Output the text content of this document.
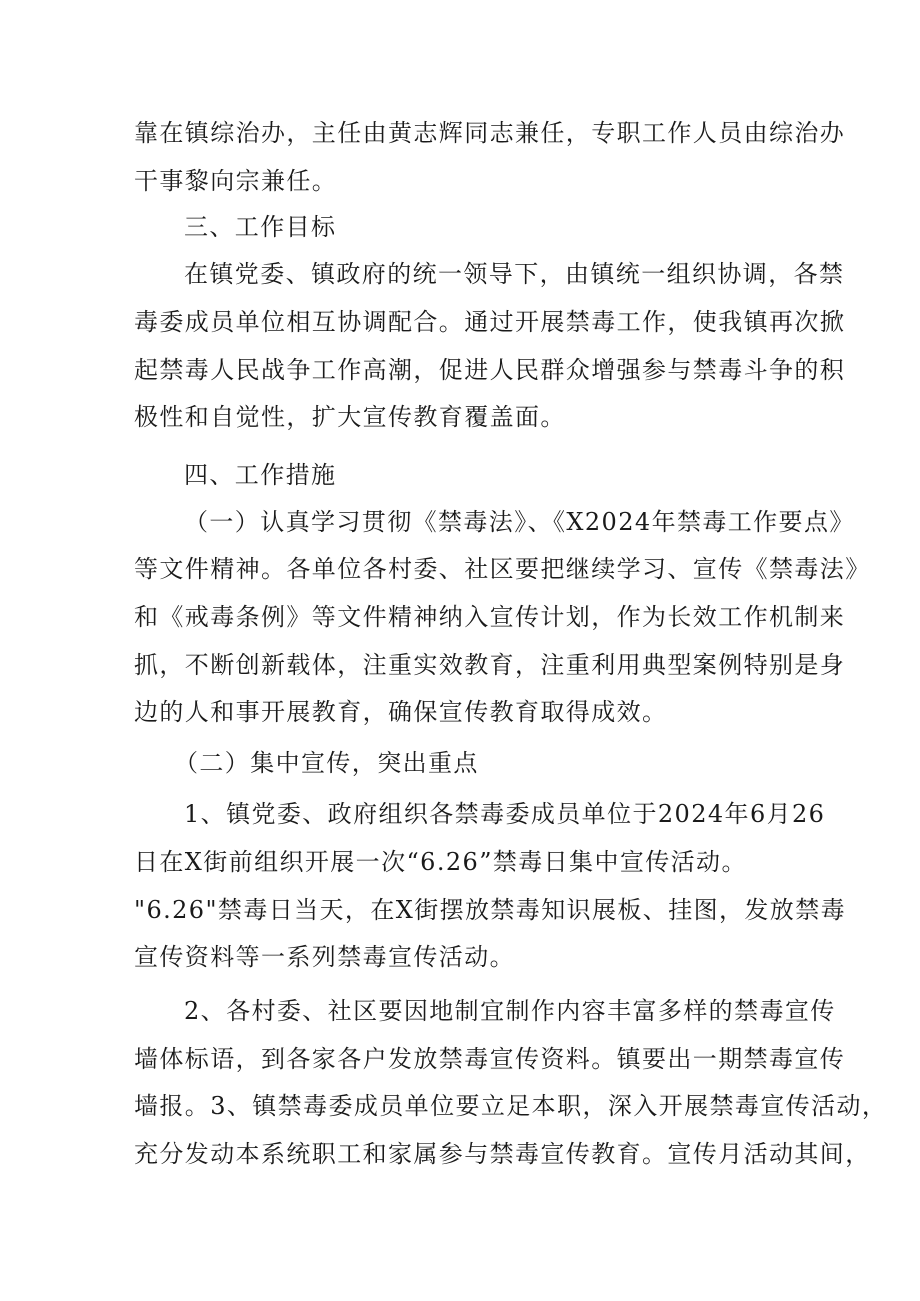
靠在镇综治办，主任由黄志辉同志兼任，专职工作人员由综治办
干事黎向宗兼任。
三、工作目标
在镇党委、镇政府的统一领导下，由镇统一组织协调，各禁
毒委成员单位相互协调配合。通过开展禁毒工作，使我镇再次掀
起禁毒人民战争工作高潮，促进人民群众增强参与禁毒斗争的积
极性和自觉性，扩大宣传教育覆盖面。
四、工作措施
（一）认真学习贯彻《禁毒法》、《X2024年禁毒工作要点》
等文件精神。各单位各村委、社区要把继续学习、宣传《禁毒法》
和《戒毒条例》等文件精神纳入宣传计划，作为长效工作机制来
抓，不断创新载体，注重实效教育，注重利用典型案例特别是身
边的人和事开展教育，确保宣传教育取得成效。
（二）集中宣传，突出重点
1、镇党委、政府组织各禁毒委成员单位于2024年6月26
日在X街前组织开展一次“6.26”禁毒日集中宣传活动。
"6.26"禁毒日当天，在X街摆放禁毒知识展板、挂图，发放禁毒
宣传资料等一系列禁毒宣传活动。
2、各村委、社区要因地制宜制作内容丰富多样的禁毒宣传
墙体标语，到各家各户发放禁毒宣传资料。镇要出一期禁毒宣传
墙报。3、镇禁毒委成员单位要立足本职，深入开展禁毒宣传活动，
充分发动本系统职工和家属参与禁毒宣传教育。宣传月活动其间，
